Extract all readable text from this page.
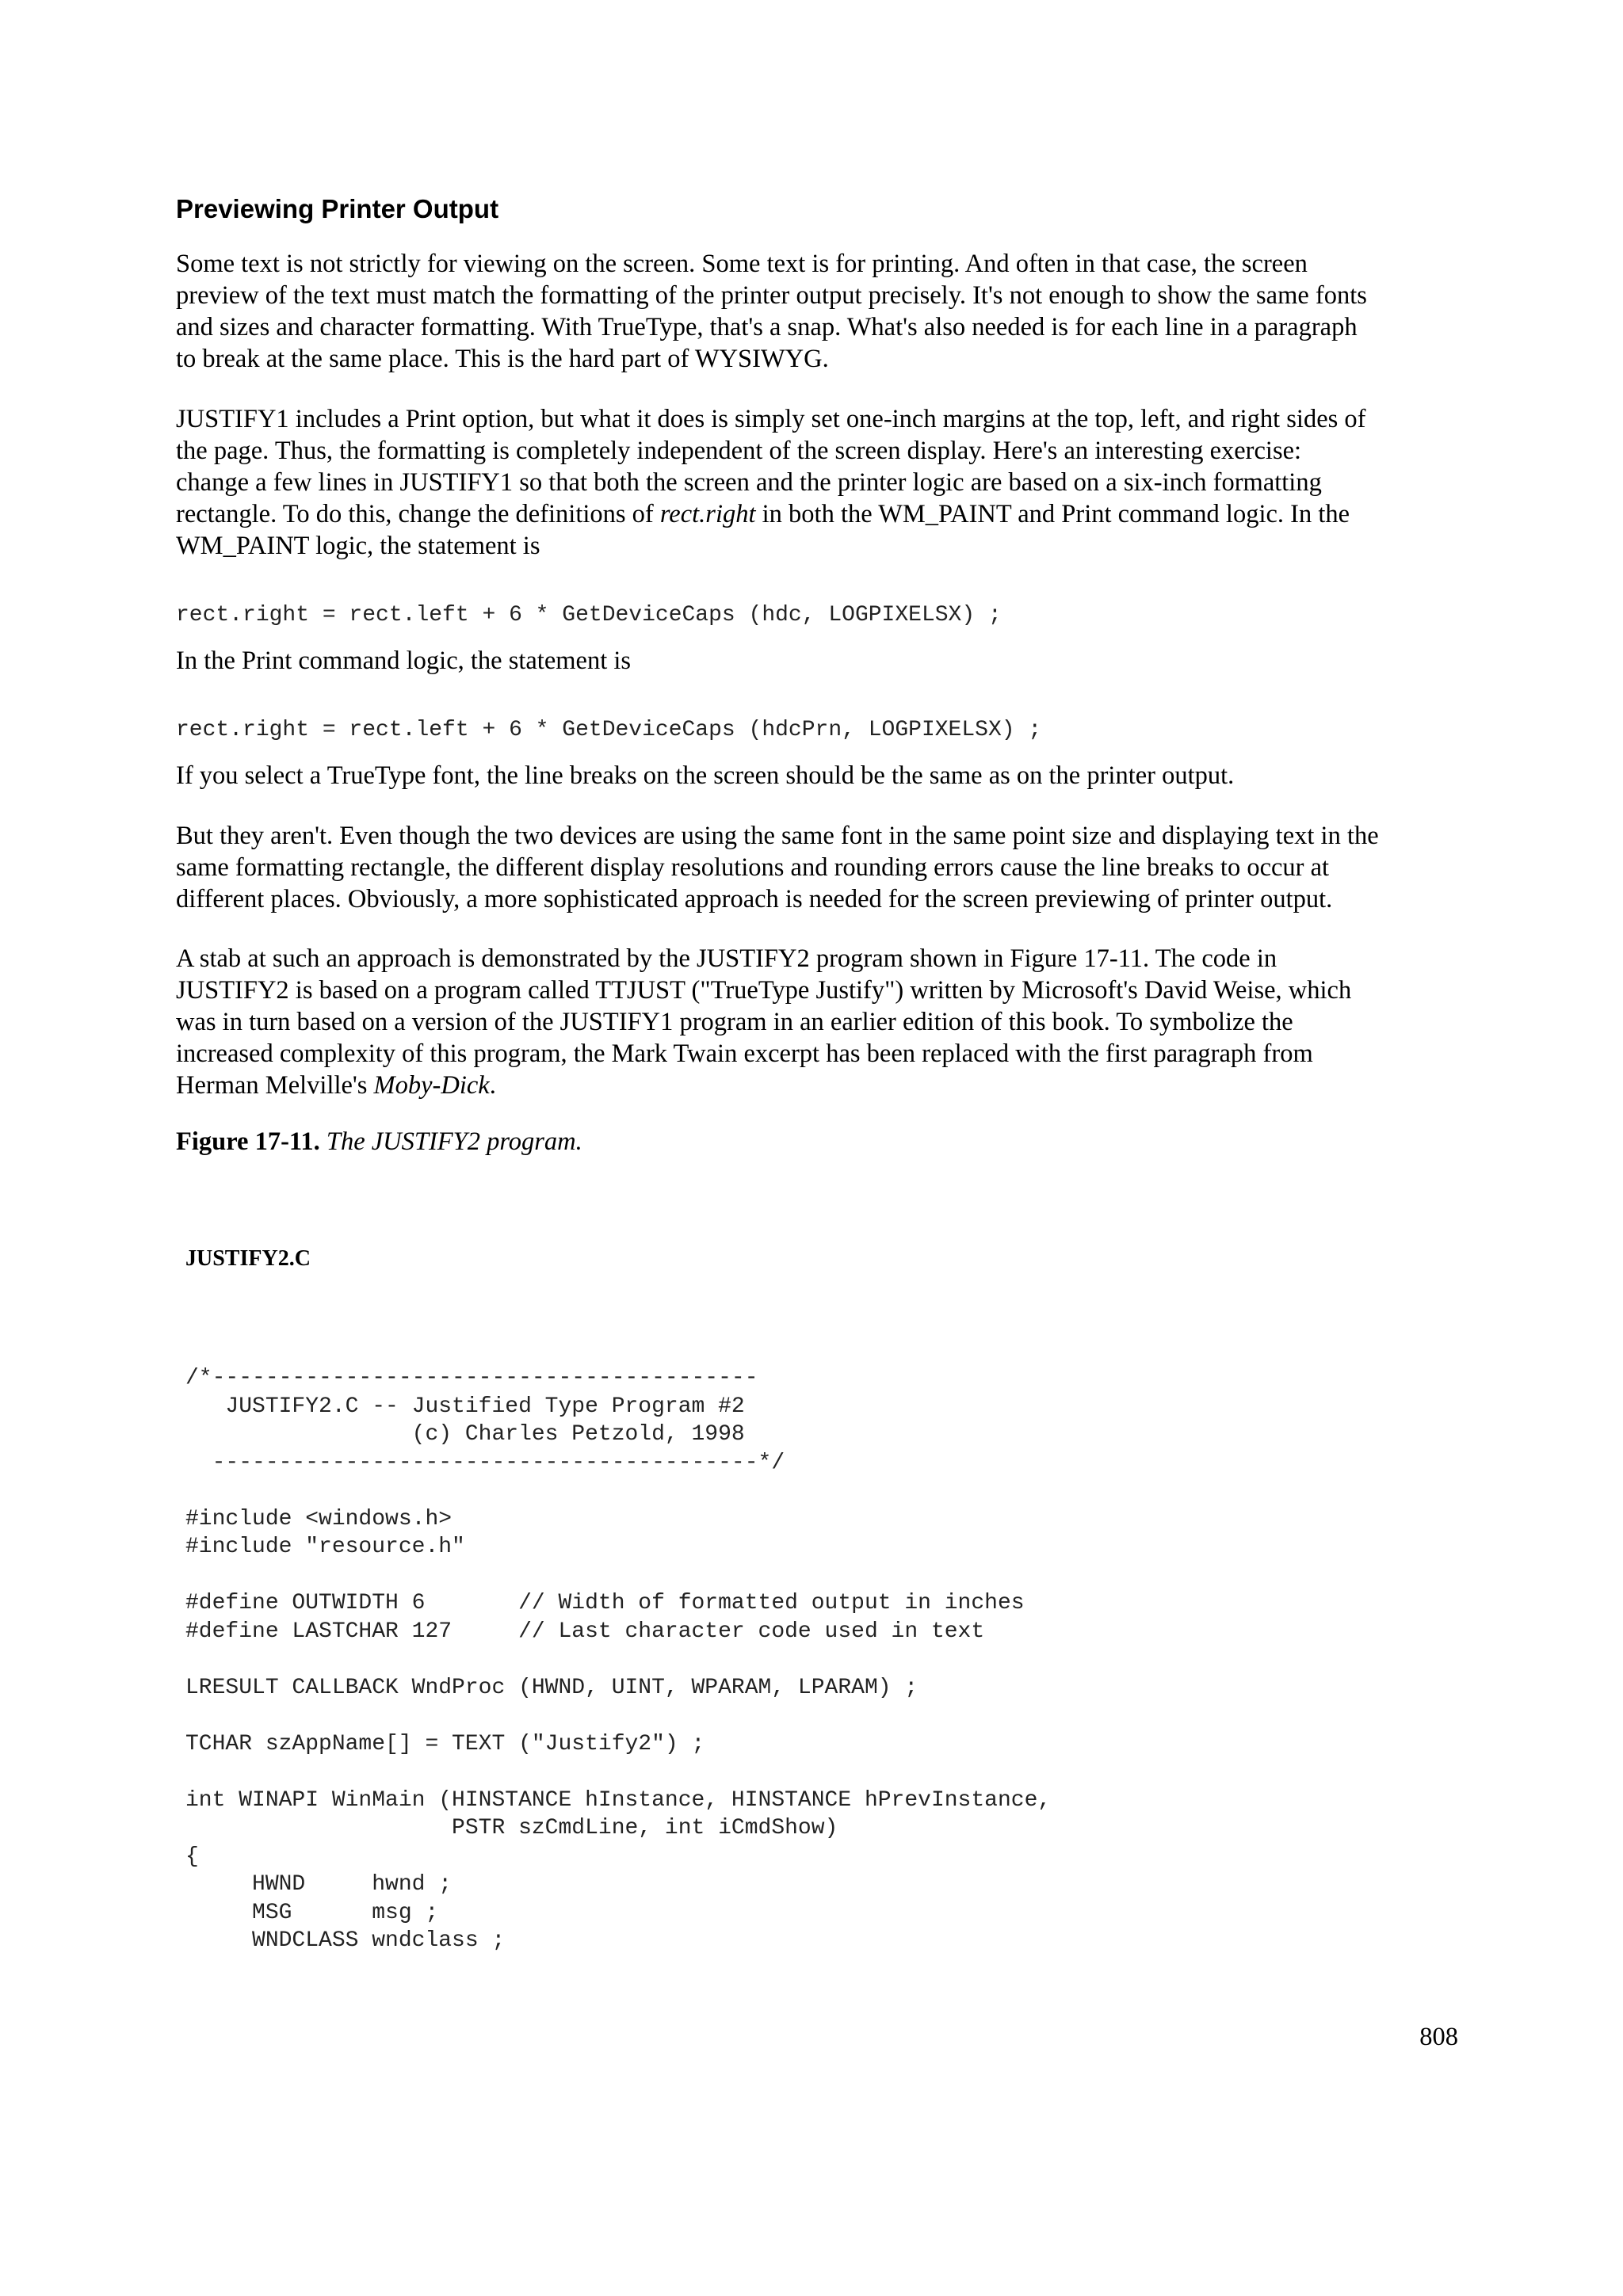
Previewing Printer Output

Some text is not strictly for viewing on the screen. Some text is for printing. And often in that case, the screen
preview of the text must match the formatting of the printer output precisely. It's not enough to show the same fonts
and sizes and character formatting. With TrueType, that's a snap. What's also needed is for each line in a paragraph
to break at the same place. This is the hard part of WYSIWYG.

JUSTIFY1 includes a Print option, but what it does is simply set one-inch margins at the top, left, and right sides of
the page. Thus, the formatting is completely independent of the screen display. Here's an interesting exercise:
change a few lines in JUSTIFY1 so that both the screen and the printer logic are based on a six-inch formatting
rectangle. To do this, change the definitions of rect.right in both the WM_PAINT and Print command logic. In the
WM_PAINT logic, the statement is

rect.right = rect.left + 6 * GetDeviceCaps (hdc, LOGPIXELSX) ;

In the Print command logic, the statement is

rect.right = rect.left + 6 * GetDeviceCaps (hdcPrn, LOGPIXELSX) ;

If you select a TrueType font, the line breaks on the screen should be the same as on the printer output.

But they aren't. Even though the two devices are using the same font in the same point size and displaying text in the
same formatting rectangle, the different display resolutions and rounding errors cause the line breaks to occur at
different places. Obviously, a more sophisticated approach is needed for the screen previewing of printer output.

A stab at such an approach is demonstrated by the JUSTIFY2 program shown in Figure 17-11. The code in
JUSTIFY2 is based on a program called TTJUST ("TrueType Justify") written by Microsoft's David Weise, which
was in turn based on a version of the JUSTIFY1 program in an earlier edition of this book. To symbolize the
increased complexity of this program, the Mark Twain excerpt has been replaced with the first paragraph from
Herman Melville's Moby-Dick.

Figure 17-11. The JUSTIFY2 program.
JUSTIFY2.C
/*-----------------------------------------
JUSTIFY2.C -- Justified Type Program #2
(c) Charles Petzold, 1998
-----------------------------------------*/

#include <windows.h>
#include "resource.h"

#define OUTWIDTH 6       // Width of formatted output in inches
#define LASTCHAR 127     // Last character code used in text

LRESULT CALLBACK WndProc (HWND, UINT, WPARAM, LPARAM) ;

TCHAR szAppName[] = TEXT ("Justify2") ;

int WINAPI WinMain (HINSTANCE hInstance, HINSTANCE hPrevInstance,
PSTR szCmdLine, int iCmdShow)
{
HWND     hwnd ;
MSG      msg ;
WNDCLASS wndclass ;
808
